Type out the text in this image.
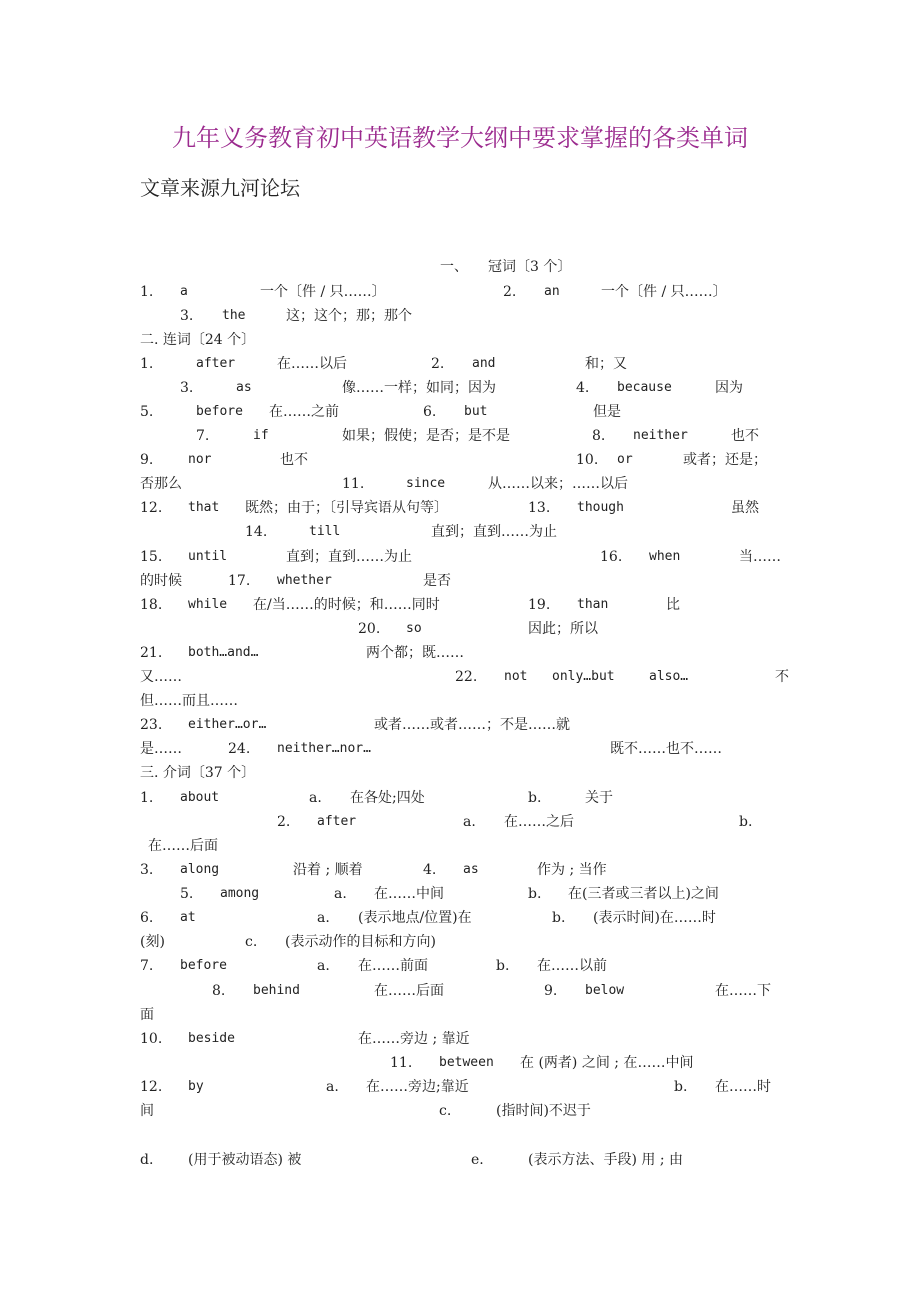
九年义务教育初中英语教学大纲中要求掌握的各类单词
文章来源九河论坛
一、 冠词〔3 个〕
1. a	一个〔件 / 只……〕	2. an	一个〔件 / 只……〕
3. the	这；这个；那；那个
二. 连词〔24 个〕
1.	after	在……以后	2. and	和；又
3.	as	像……一样；如同；因为	4. because	因为
5.	before 在……之前	6. but	但是
7.	if	如果；假使；是否；是不是	8. neither	也不
9.	nor	也不	10. or	或者；还是；
否那么	11.	since	从……以来；……以后
12. that 既然；由于；〔引导宾语从句等〕	13. though	虽然
14.	till	直到；直到……为止
15. until	直到；直到……为止	16. when	当……
的时候	17. whether	是否
18. while 在/当……的时候；和……同时	19. than	比
20. so	因此；所以
21. both…and…	两个都；既……
又……	22. not only…but	also…	不
但……而且……
23. either…or…	或者……或者……；不是……就
是……	24. neither…nor…	既不……也不……
三. 介词〔37 个〕
1. about	a. 在各处;四处	b.	关于
2. after	a. 在……之后	b.
在……后面
3. along	沿着 ; 顺着	4. as	作为 ; 当作
5. among	a. 在……中间	b. 在(三者或三者以上)之间
6. at	a. (表示地点/位置)在	b. (表示时间)在……时
(刻)	c. (表示动作的目标和方向)
7. before	a. 在……前面	b. 在……以前
8. behind	在……后面	9. below	在……下
面
10. beside	在……旁边 ; 靠近
11. between 在 (两者) 之间 ; 在……中间
12. by	a. 在……旁边;靠近	b. 在……时
间	c.	(指时间)不迟于
d. (用于被动语态) 被	e.	(表示方法、手段) 用 ; 由
